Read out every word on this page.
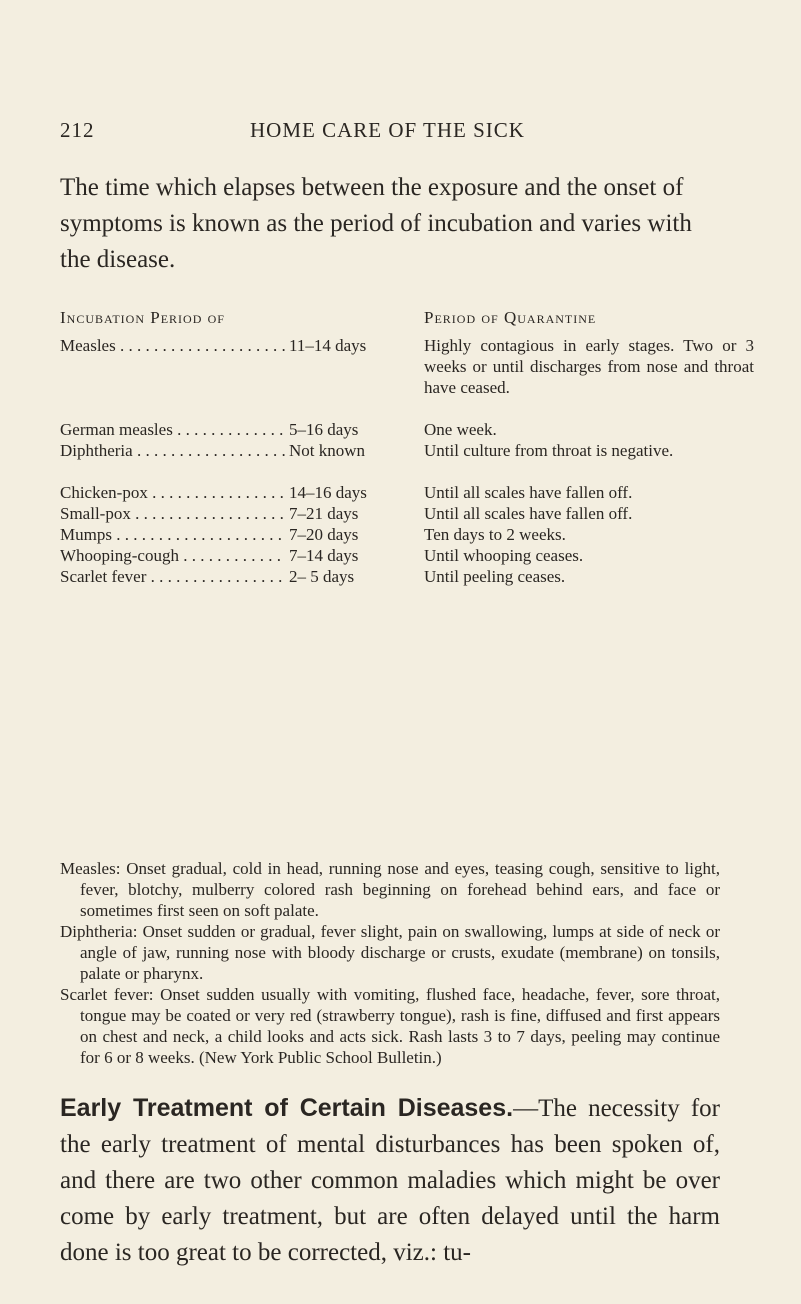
212	HOME CARE OF THE SICK

The time which elapses between the exposure and the onset of symptoms is known as the period of incubation and varies with the disease.

Incubation Period of	Period of Quarantine
Measles . . .	11–14 days	Highly contagious in early stages. Two or 3 weeks or until discharges from nose and throat have ceased.
German measles . . .	5–16 days	One week.
Diphtheria . . .	Not known	Until culture from throat is negative.
Chicken-pox . . .	14–16 days	Until all scales have fallen off.
Small-pox . . .	7–21 days	Until all scales have fallen off.
Mumps . . .	7–20 days	Ten days to 2 weeks.
Whooping-cough . . .	7–14 days	Until whooping ceases.
Scarlet fever . . .	2– 5 days	Until peeling ceases.

Measles: Onset gradual, cold in head, running nose and eyes, teasing cough, sensitive to light, fever, blotchy, mulberry colored rash beginning on forehead behind ears, and face or sometimes first seen on soft palate.

Diphtheria: Onset sudden or gradual, fever slight, pain on swallowing, lumps at side of neck or angle of jaw, running nose with bloody discharge or crusts, exudate (membrane) on tonsils, palate or pharynx.

Scarlet fever: Onset sudden usually with vomiting, flushed face, headache, fever, sore throat, tongue may be coated or very red (strawberry tongue), rash is fine, diffused and first appears on chest and neck, a child looks and acts sick. Rash lasts 3 to 7 days, peeling may continue for 6 or 8 weeks. (New York Public School Bulletin.)

Early Treatment of Certain Diseases.—The necessity for the early treatment of mental disturbances has been spoken of, and there are two other common maladies which might be over come by early treatment, but are often delayed until the harm done is too great to be corrected, viz.: tu-
